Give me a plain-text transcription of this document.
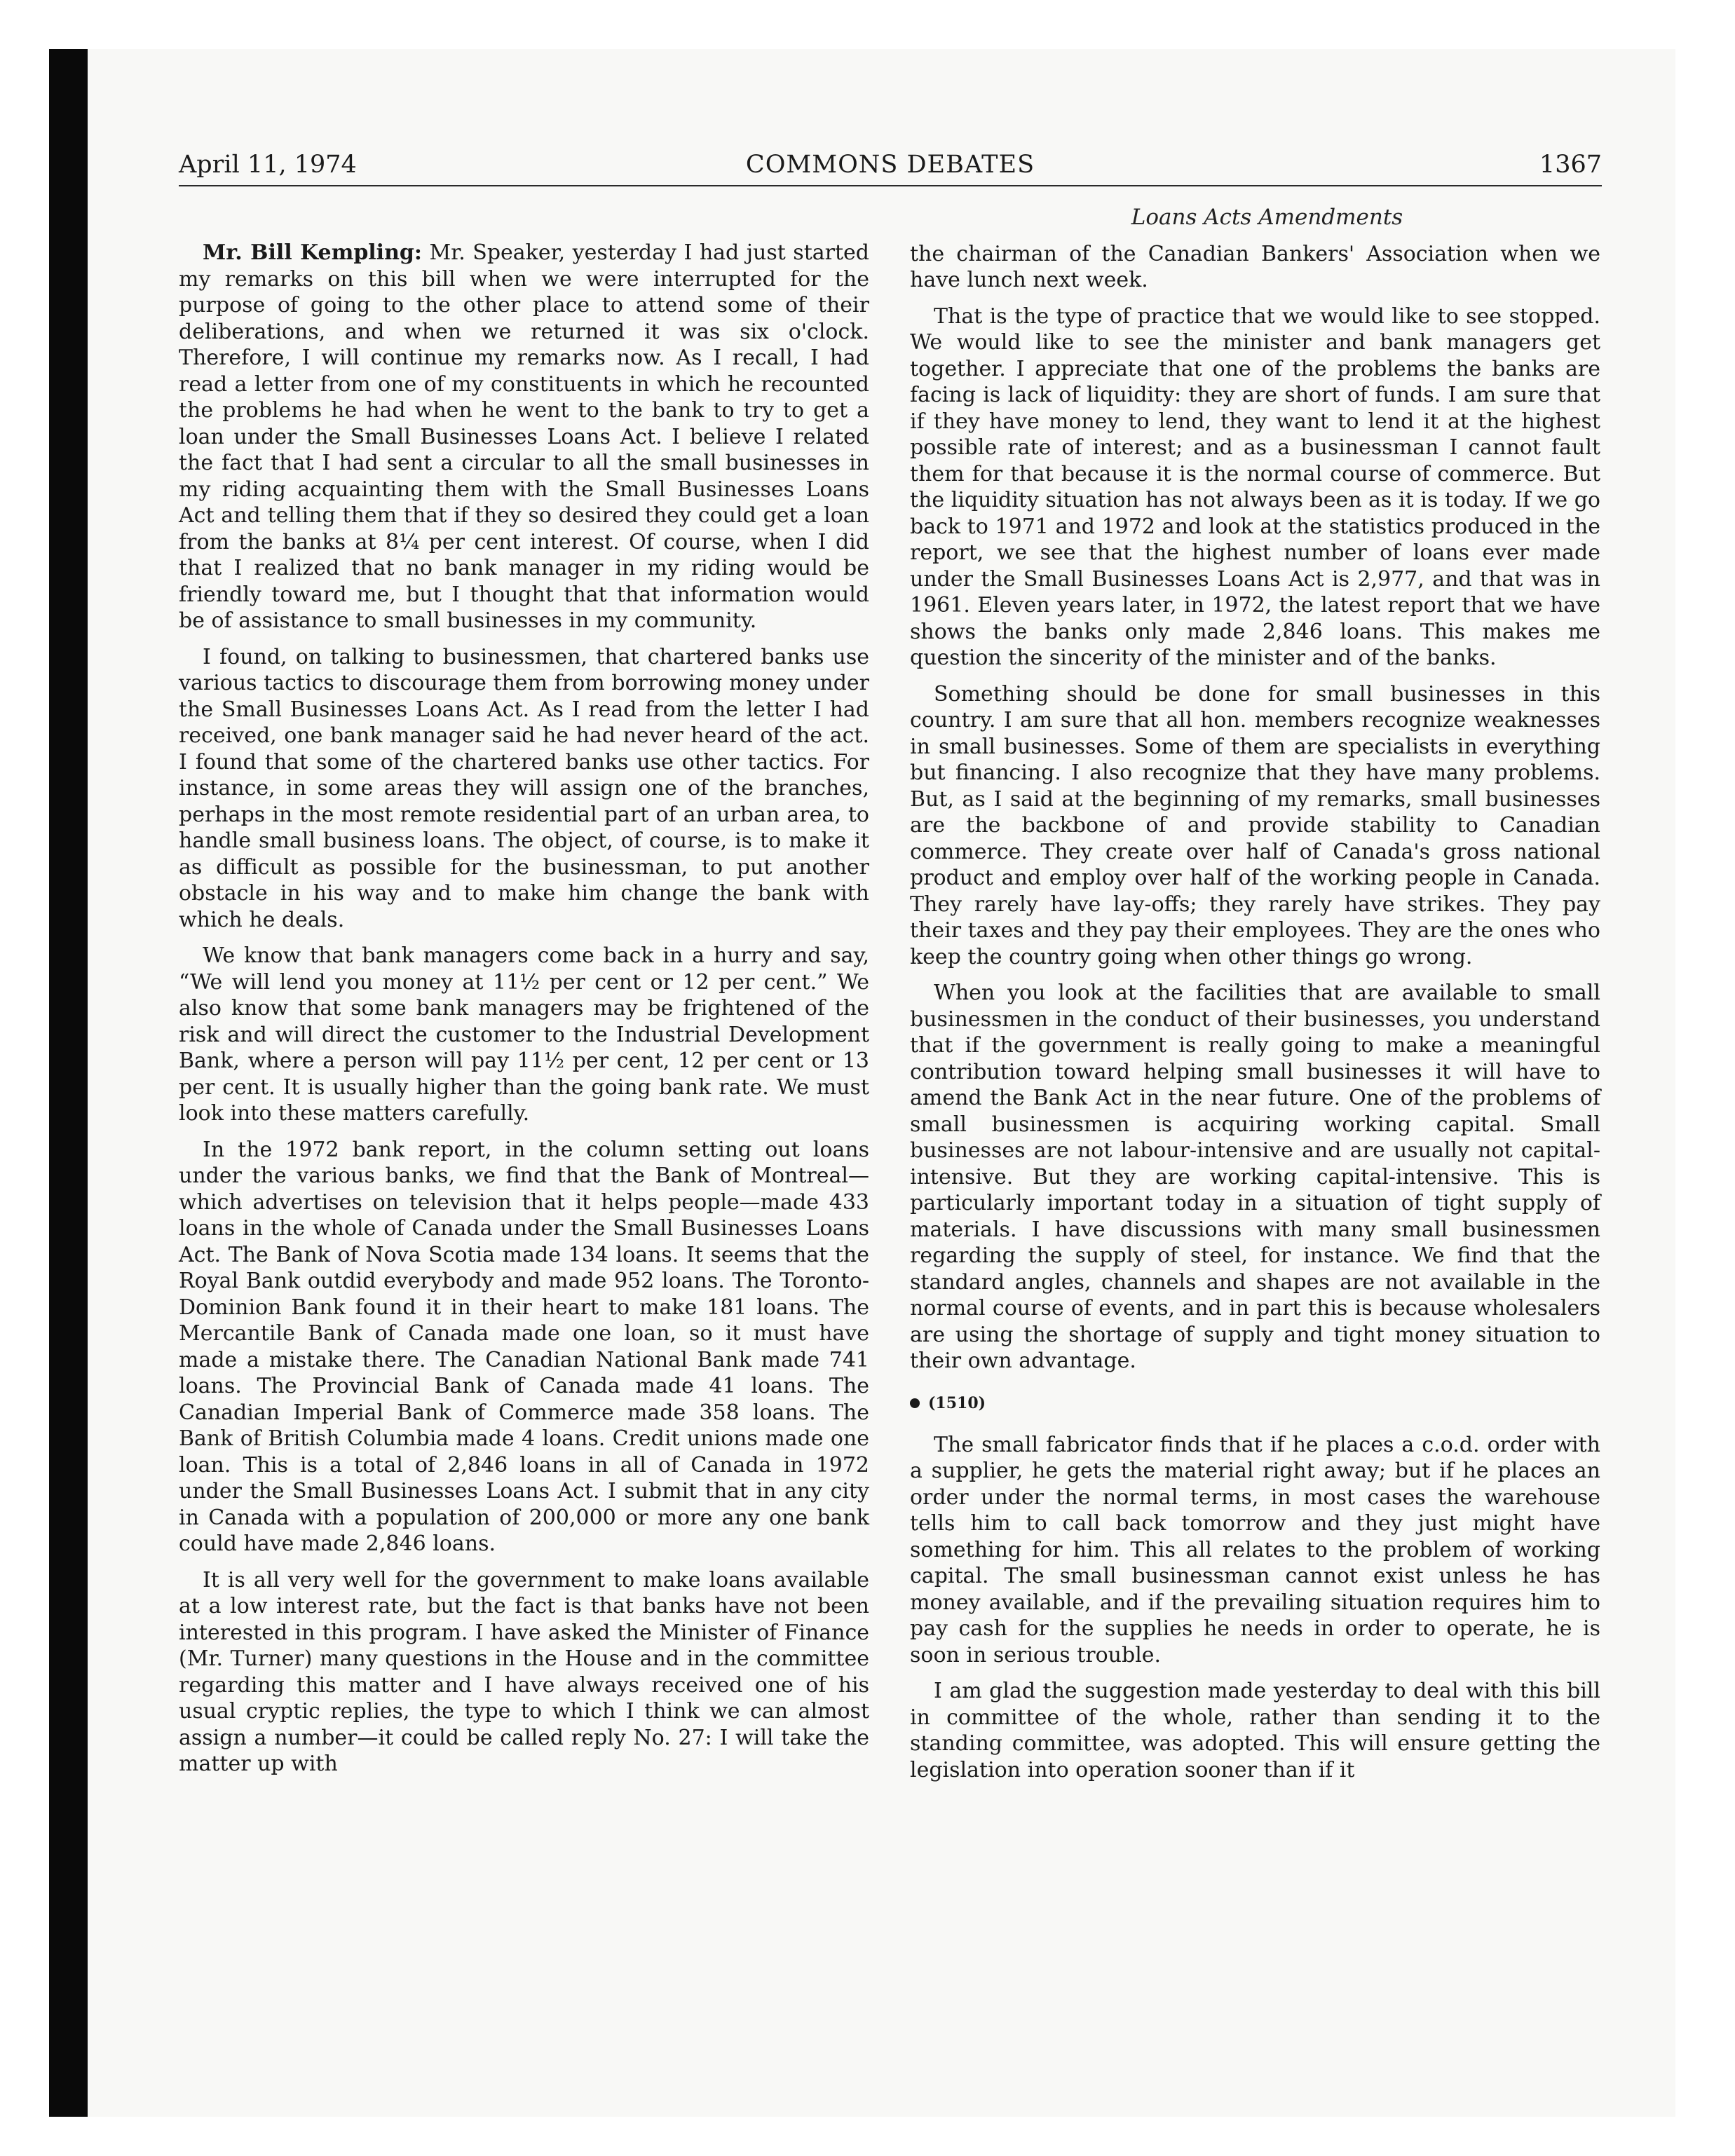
April 11, 1974	COMMONS DEBATES	1367

Mr. Bill Kempling: Mr. Speaker, yesterday I had just started my remarks on this bill when we were interrupted for the purpose of going to the other place to attend some of their deliberations, and when we returned it was six o'clock. Therefore, I will continue my remarks now. As I recall, I had read a letter from one of my constituents in which he recounted the problems he had when he went to the bank to try to get a loan under the Small Businesses Loans Act. I believe I related the fact that I had sent a circular to all the small businesses in my riding acquainting them with the Small Businesses Loans Act and telling them that if they so desired they could get a loan from the banks at 8¼ per cent interest. Of course, when I did that I realized that no bank manager in my riding would be friendly toward me, but I thought that that information would be of assistance to small businesses in my community.

I found, on talking to businessmen, that chartered banks use various tactics to discourage them from borrowing money under the Small Businesses Loans Act. As I read from the letter I had received, one bank manager said he had never heard of the act. I found that some of the chartered banks use other tactics. For instance, in some areas they will assign one of the branches, perhaps in the most remote residential part of an urban area, to handle small business loans. The object, of course, is to make it as difficult as possible for the businessman, to put another obstacle in his way and to make him change the bank with which he deals.

We know that bank managers come back in a hurry and say, “We will lend you money at 11½ per cent or 12 per cent.” We also know that some bank managers may be frightened of the risk and will direct the customer to the Industrial Development Bank, where a person will pay 11½ per cent, 12 per cent or 13 per cent. It is usually higher than the going bank rate. We must look into these matters carefully.

In the 1972 bank report, in the column setting out loans under the various banks, we find that the Bank of Montreal—which advertises on television that it helps people—made 433 loans in the whole of Canada under the Small Businesses Loans Act. The Bank of Nova Scotia made 134 loans. It seems that the Royal Bank outdid everybody and made 952 loans. The Toronto-Dominion Bank found it in their heart to make 181 loans. The Mercantile Bank of Canada made one loan, so it must have made a mistake there. The Canadian National Bank made 741 loans. The Provincial Bank of Canada made 41 loans. The Canadian Imperial Bank of Commerce made 358 loans. The Bank of British Columbia made 4 loans. Credit unions made one loan. This is a total of 2,846 loans in all of Canada in 1972 under the Small Businesses Loans Act. I submit that in any city in Canada with a population of 200,000 or more any one bank could have made 2,846 loans.

It is all very well for the government to make loans available at a low interest rate, but the fact is that banks have not been interested in this program. I have asked the Minister of Finance (Mr. Turner) many questions in the House and in the committee regarding this matter and I have always received one of his usual cryptic replies, the type to which I think we can almost assign a number—it could be called reply No. 27: I will take the matter up with

Loans Acts Amendments

the chairman of the Canadian Bankers' Association when we have lunch next week.

That is the type of practice that we would like to see stopped. We would like to see the minister and bank managers get together. I appreciate that one of the problems the banks are facing is lack of liquidity: they are short of funds. I am sure that if they have money to lend, they want to lend it at the highest possible rate of interest; and as a businessman I cannot fault them for that because it is the normal course of commerce. But the liquidity situation has not always been as it is today. If we go back to 1971 and 1972 and look at the statistics produced in the report, we see that the highest number of loans ever made under the Small Businesses Loans Act is 2,977, and that was in 1961. Eleven years later, in 1972, the latest report that we have shows the banks only made 2,846 loans. This makes me question the sincerity of the minister and of the banks.

Something should be done for small businesses in this country. I am sure that all hon. members recognize weaknesses in small businesses. Some of them are specialists in everything but financing. I also recognize that they have many problems. But, as I said at the beginning of my remarks, small businesses are the backbone of and provide stability to Canadian commerce. They create over half of Canada's gross national product and employ over half of the working people in Canada. They rarely have lay-offs; they rarely have strikes. They pay their taxes and they pay their employees. They are the ones who keep the country going when other things go wrong.

When you look at the facilities that are available to small businessmen in the conduct of their businesses, you understand that if the government is really going to make a meaningful contribution toward helping small businesses it will have to amend the Bank Act in the near future. One of the problems of small businessmen is acquiring working capital. Small businesses are not labour-intensive and are usually not capital-intensive. But they are working capital-intensive. This is particularly important today in a situation of tight supply of materials. I have discussions with many small businessmen regarding the supply of steel, for instance. We find that the standard angles, channels and shapes are not available in the normal course of events, and in part this is because wholesalers are using the shortage of supply and tight money situation to their own advantage.

(1510)

The small fabricator finds that if he places a c.o.d. order with a supplier, he gets the material right away; but if he places an order under the normal terms, in most cases the warehouse tells him to call back tomorrow and they just might have something for him. This all relates to the problem of working capital. The small businessman cannot exist unless he has money available, and if the prevailing situation requires him to pay cash for the supplies he needs in order to operate, he is soon in serious trouble.

I am glad the suggestion made yesterday to deal with this bill in committee of the whole, rather than sending it to the standing committee, was adopted. This will ensure getting the legislation into operation sooner than if it
